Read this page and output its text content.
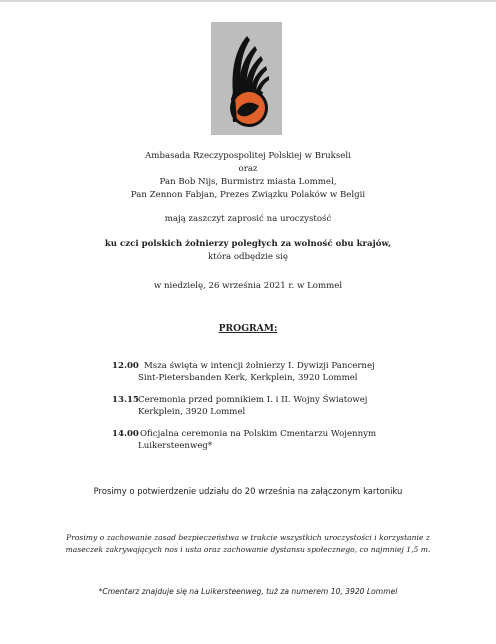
Ambasada Rzeczypospolitej Polskiej w Brukseli
oraz
Pan Bob Nijs, Burmistrz miasta Lommel,
Pan Zennon Fabjan, Prezes Związku Polaków w Belgii
mają zaszczyt zaprosić na uroczystość
ku czci polskich żołnierzy poległych za wolność obu krajów,
która odbędzie się
w niedzielę, 26 września 2021 r. w Lommel
PROGRAM:
12.00 Msza święta w intencji żołnierzy I. Dywizji Pancernej
Sint-Pietersbanden Kerk, Kerkplein, 3920 Lommel
13.15 Ceremonia przed pomnikiem I. i II. Wojny Światowej
Kerkplein, 3920 Lommel
14.00 Oficjalna ceremonia na Polskim Cmentarzu Wojennym
Luikersteenweg*
Prosimy o potwierdzenie udziału do 20 września na załączonym kartoniku
Prosimy o zachowanie zasad bezpieczeństwa w trakcie wszystkich uroczystości i korzystanie z
maseczek zakrywających nos i usta oraz zachowanie dystansu społecznego, co najmniej 1,5 m.
*Cmentarz znajduje się na Luikersteenweg, tuż za numerem 10, 3920 Lommel
